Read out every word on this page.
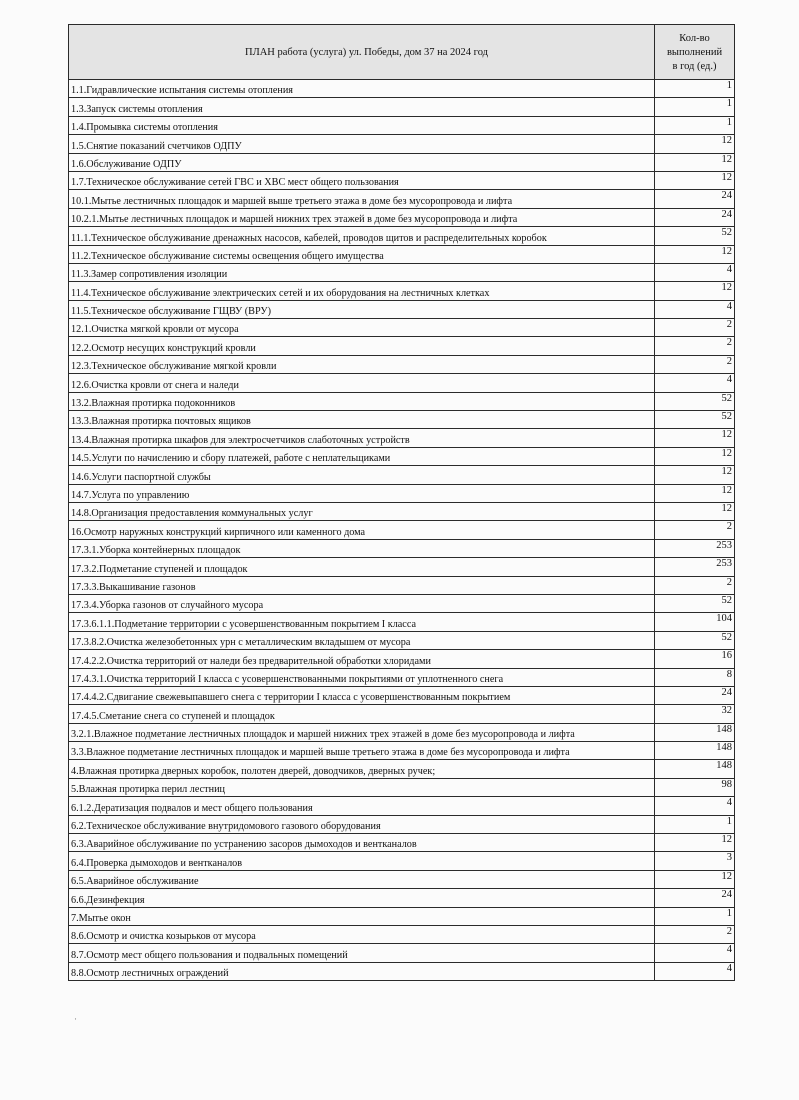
ПЛАН работа (услуга) ул. Победы, дом 37 на 2024 год	Кол-во
выполнений
в год (ед.)

1.1.Гидравлические испытания системы отопления	1
1.3.Запуск системы отопления	1
1.4.Промывка системы отопления	1
1.5.Снятие показаний счетчиков ОДПУ	12
1.6.Обслуживание ОДПУ	12
1.7.Техническое обслуживание сетей ГВС и ХВС мест общего пользования	12
10.1.Мытье лестничных площадок и маршей выше третьего этажа в доме без мусоропровода и лифта	24
10.2.1.Мытье лестничных площадок и маршей нижних трех этажей в доме без мусоропровода и лифта	24
11.1.Техническое обслуживание дренажных насосов, кабелей, проводов щитов и распределительных коробок	52
11.2.Техническое обслуживание системы освещения общего имущества	12
11.3.Замер сопротивления изоляции	4
11.4.Техническое обслуживание электрических сетей и их оборудования на лестничных клетках	12
11.5.Техническое обслуживание ГЩВУ (ВРУ)	4
12.1.Очистка мягкой кровли от мусора	2
12.2.Осмотр несущих конструкций кровли	2
12.3.Техническое обслуживание мягкой кровли	2
12.6.Очистка кровли от снега и наледи	4
13.2.Влажная протирка подоконников	52
13.3.Влажная протирка почтовых ящиков	52
13.4.Влажная протирка шкафов для электросчетчиков слаботочных устройств	12
14.5.Услуги по начислению и сбору платежей, работе с неплательщиками	12
14.6.Услуги паспортной службы	12
14.7.Услуга по управлению	12
14.8.Организация предоставления коммунальных услуг	12
16.Осмотр наружных конструкций кирпичного или каменного дома	2
17.3.1.Уборка контейнерных площадок	253
17.3.2.Подметание ступеней и площадок	253
17.3.3.Выкашивание газонов	2
17.3.4.Уборка газонов от случайного мусора	52
17.3.6.1.1.Подметание территории с усовершенствованным покрытием I класса	104
17.3.8.2.Очистка железобетонных урн с металлическим вкладышем от мусора	52
17.4.2.2.Очистка территорий от наледи без предварительной обработки хлоридами	16
17.4.3.1.Очистка территорий I класса с усовершенствованными покрытиями от уплотненного снега	8
17.4.4.2.Сдвигание свежевыпавшего снега с территории I класса с усовершенствованным покрытием	24
17.4.5.Сметание снега со ступеней и площадок	32
3.2.1.Влажное подметание лестничных площадок и маршей нижних трех этажей в доме без мусоропровода и лифта	148
3.3.Влажное подметание лестничных площадок и маршей выше третьего этажа в доме без мусоропровода и лифта	148
4.Влажная протирка дверных коробок, полотен дверей, доводчиков, дверных ручек;	148
5.Влажная протирка перил лестниц	98
6.1.2.Дератизация подвалов и мест общего пользования	4
6.2.Техническое обслуживание внутридомового газового оборудования	1
6.3.Аварийное обслуживание по устранению засоров дымоходов и вентканалов	12
6.4.Проверка дымоходов и вентканалов	3
6.5.Аварийное обслуживание	12
6.6.Дезинфекция	24
7.Мытье окон	1
8.6.Осмотр и очистка козырьков от мусора	2
8.7.Осмотр мест общего пользования и подвальных помещений	4
8.8.Осмотр лестничных ограждений	4
·
